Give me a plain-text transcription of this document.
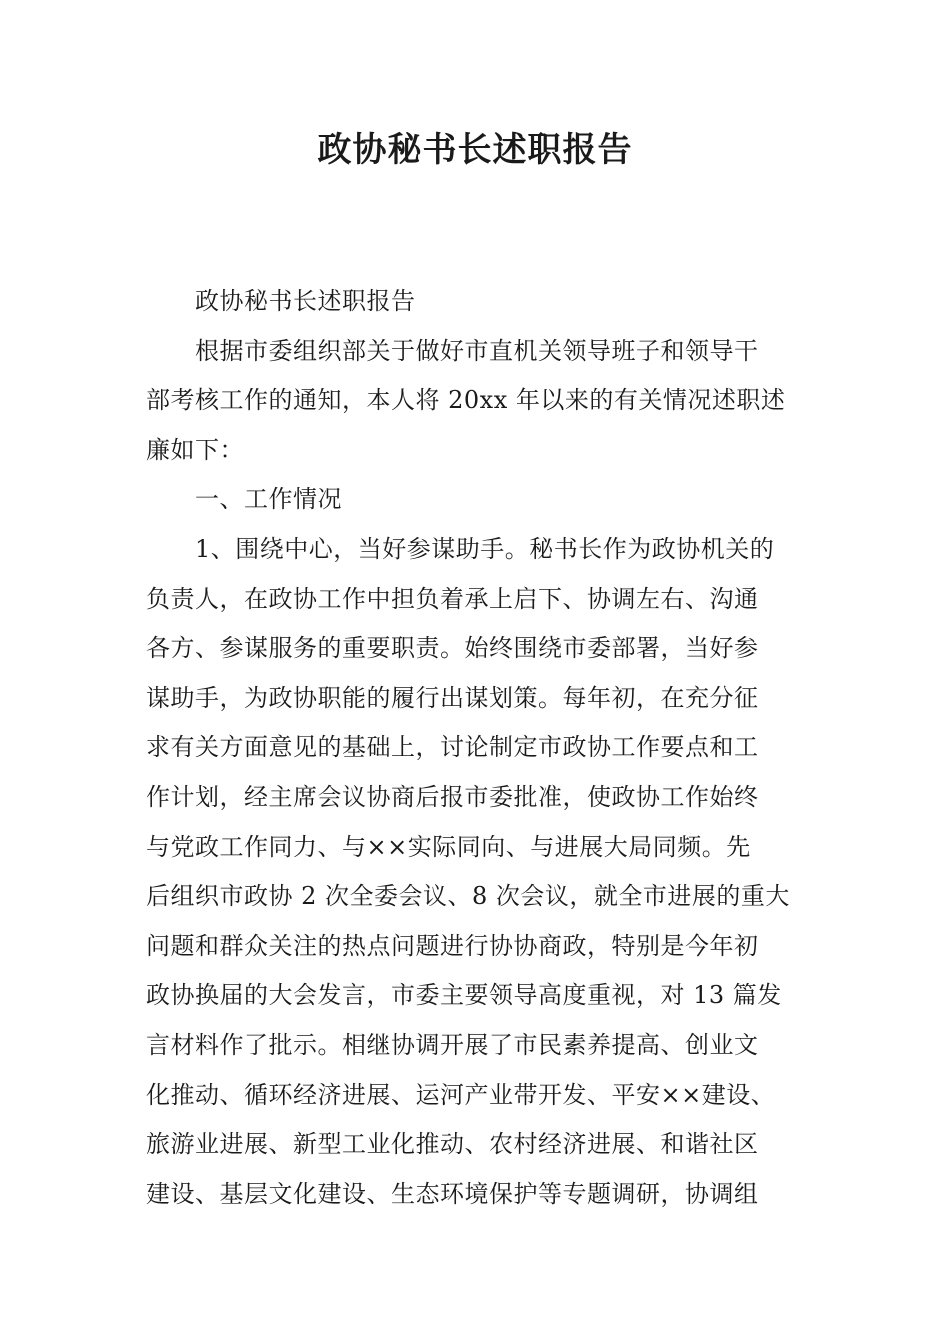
政协秘书长述职报告
政协秘书长述职报告
根据市委组织部关于做好市直机关领导班子和领导干
部考核工作的通知，本人将 20xx 年以来的有关情况述职述
廉如下：
一、工作情况
1、围绕中心，当好参谋助手。秘书长作为政协机关的
负责人，在政协工作中担负着承上启下、协调左右、沟通
各方、参谋服务的重要职责。始终围绕市委部署，当好参
谋助手，为政协职能的履行出谋划策。每年初，在充分征
求有关方面意见的基础上，讨论制定市政协工作要点和工
作计划，经主席会议协商后报市委批准，使政协工作始终
与党政工作同力、与××实际同向、与进展大局同频。先
后组织市政协 2 次全委会议、8 次会议，就全市进展的重大
问题和群众关注的热点问题进行协协商政，特别是今年初
政协换届的大会发言，市委主要领导高度重视，对 13 篇发
言材料作了批示。相继协调开展了市民素养提高、创业文
化推动、循环经济进展、运河产业带开发、平安××建设、
旅游业进展、新型工业化推动、农村经济进展、和谐社区
建设、基层文化建设、生态环境保护等专题调研，协调组
